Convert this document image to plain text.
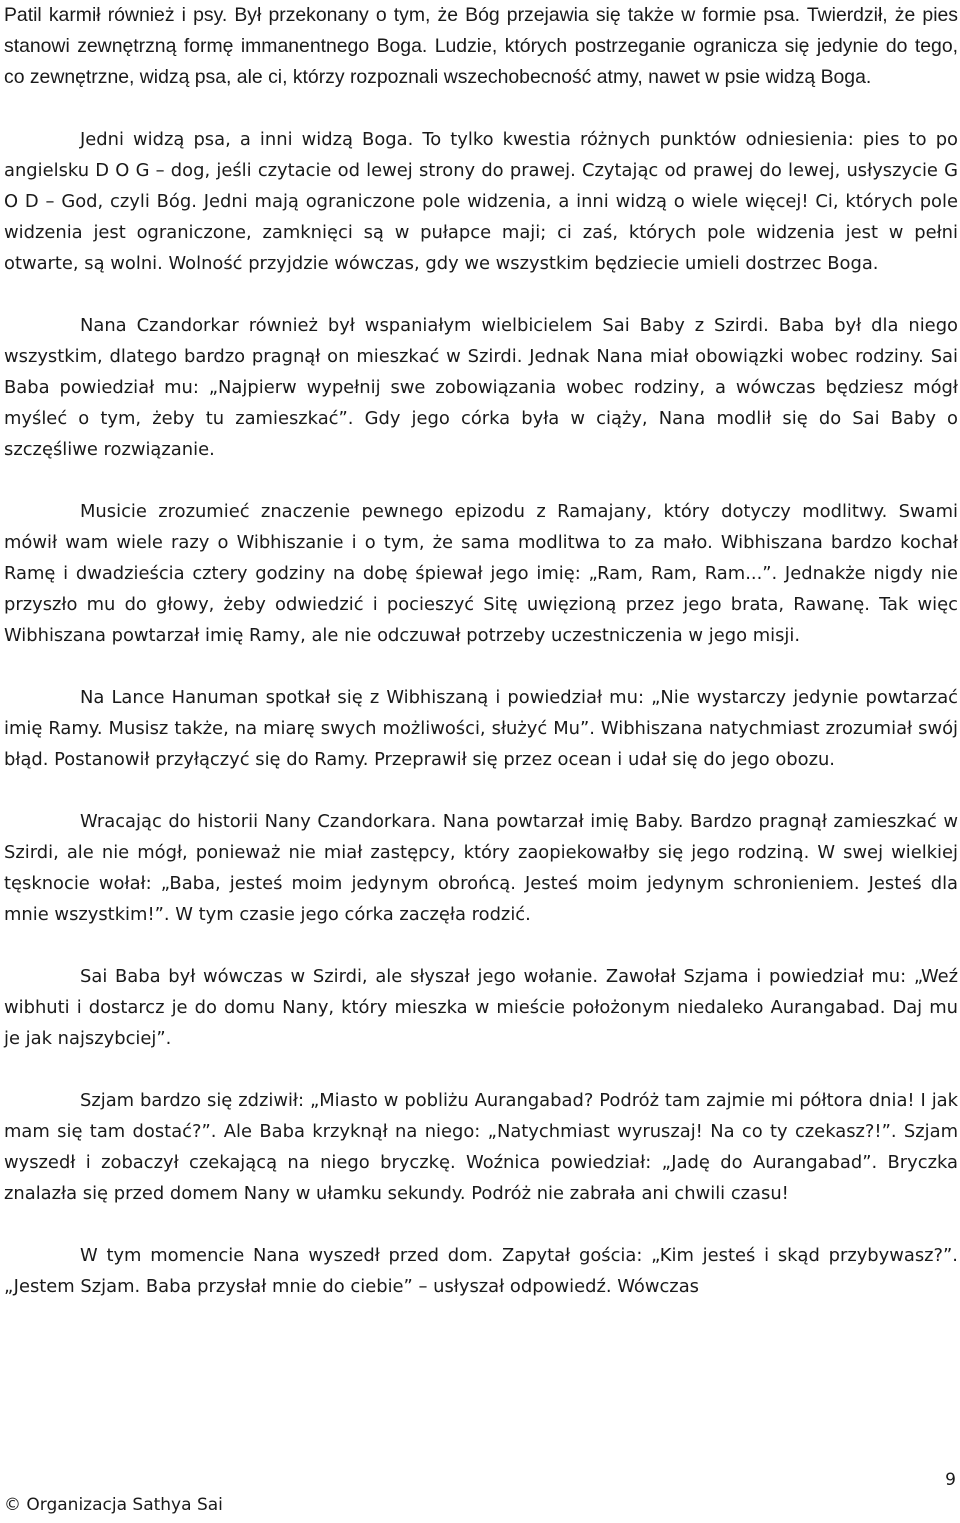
Patil karmił również i psy. Był przekonany o tym, że Bóg przejawia się także w formie psa. Twierdził, że pies stanowi zewnętrzną formę immanentnego Boga. Ludzie, których postrzeganie ogranicza się jedynie do tego, co zewnętrzne, widzą psa, ale ci, którzy rozpoznali wszechobecność atmy, nawet w psie widzą Boga.

Jedni widzą psa, a inni widzą Boga. To tylko kwestia różnych punktów odniesienia: pies to po angielsku D O G – dog, jeśli czytacie od lewej strony do prawej. Czytając od prawej do lewej, usłyszycie G O D – God, czyli Bóg. Jedni mają ograniczone pole widzenia, a inni widzą o wiele więcej! Ci, których pole widzenia jest ograniczone, zamknięci są w pułapce maji; ci zaś, których pole widzenia jest w pełni otwarte, są wolni. Wolność przyjdzie wówczas, gdy we wszystkim będziecie umieli dostrzec Boga.

Nana Czandorkar również był wspaniałym wielbicielem Sai Baby z Szirdi. Baba był dla niego wszystkim, dlatego bardzo pragnął on mieszkać w Szirdi. Jednak Nana miał obowiązki wobec rodziny. Sai Baba powiedział mu: „Najpierw wypełnij swe zobowiązania wobec rodziny, a wówczas będziesz mógł myśleć o tym, żeby tu zamieszkać”. Gdy jego córka była w ciąży, Nana modlił się do Sai Baby o szczęśliwe rozwiązanie.

Musicie zrozumieć znaczenie pewnego epizodu z Ramajany, który dotyczy modlitwy. Swami mówił wam wiele razy o Wibhiszanie i o tym, że sama modlitwa to za mało. Wibhiszana bardzo kochał Ramę i dwadzieścia cztery godziny na dobę śpiewał jego imię: „Ram, Ram, Ram...”. Jednakże nigdy nie przyszło mu do głowy, żeby odwiedzić i pocieszyć Sitę uwięzioną przez jego brata, Rawanę. Tak więc Wibhiszana powtarzał imię Ramy, ale nie odczuwał potrzeby uczestniczenia w jego misji.

Na Lance Hanuman spotkał się z Wibhiszaną i powiedział mu: „Nie wystarczy jedynie powtarzać imię Ramy. Musisz także, na miarę swych możliwości, służyć Mu”. Wibhiszana natychmiast zrozumiał swój błąd. Postanowił przyłączyć się do Ramy. Przeprawił się przez ocean i udał się do jego obozu.

Wracając do historii Nany Czandorkara. Nana powtarzał imię Baby. Bardzo pragnął zamieszkać w Szirdi, ale nie mógł, ponieważ nie miał zastępcy, który zaopiekowałby się jego rodziną. W swej wielkiej tęsknocie wołał: „Baba, jesteś moim jedynym obrońcą. Jesteś moim jedynym schronieniem. Jesteś dla mnie wszystkim!”. W tym czasie jego córka zaczęła rodzić.

Sai Baba był wówczas w Szirdi, ale słyszał jego wołanie. Zawołał Szjama i powiedział mu: „Weź wibhuti i dostarcz je do domu Nany, który mieszka w mieście położonym niedaleko Aurangabad. Daj mu je jak najszybciej”.

Szjam bardzo się zdziwił: „Miasto w pobliżu Aurangabad? Podróż tam zajmie mi półtora dnia! I jak mam się tam dostać?”. Ale Baba krzyknął na niego: „Natychmiast wyruszaj! Na co ty czekasz?!”. Szjam wyszedł i zobaczył czekającą na niego bryczkę. Woźnica powiedział: „Jadę do Aurangabad”. Bryczka znalazła się przed domem Nany w ułamku sekundy. Podróż nie zabrała ani chwili czasu!

W tym momencie Nana wyszedł przed dom. Zapytał gościa: „Kim jesteś i skąd przybywasz?”. „Jestem Szjam. Baba przysłał mnie do ciebie” – usłyszał odpowiedź. Wówczas

© Organizacja Sathya Sai
9
